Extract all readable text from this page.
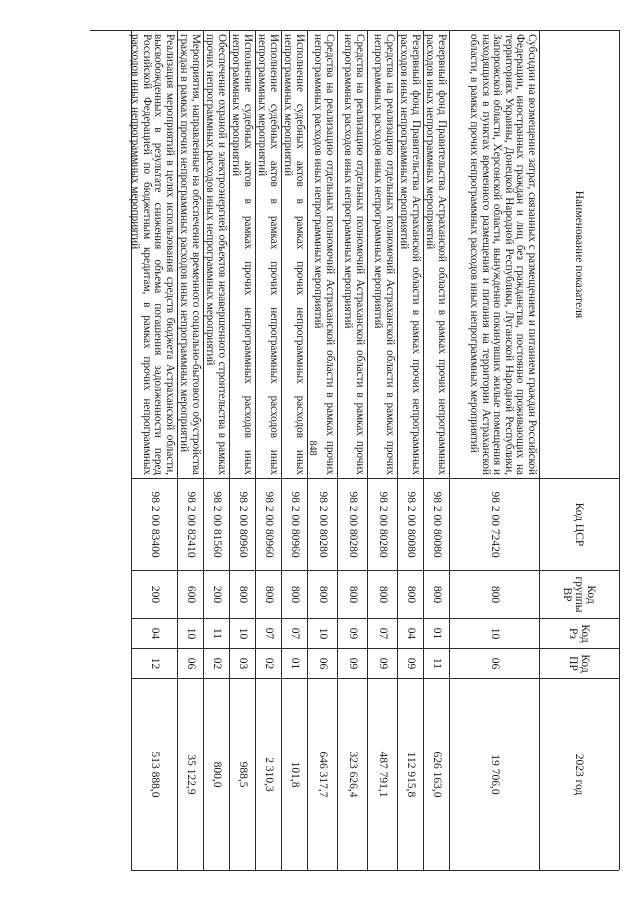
848
Наименование показателя
Код ЦСР
Код группы ВР
Код Рз
Код ПР
2023 год
Субсидии на возмещение затрат, связанных с размещением и питанием граждан Российской Федерации, иностранных граждан и лиц без гражданства, постоянно проживающих на территориях Украины, Донецкой Народной Республики, Луганской Народной Республики, Запорожской области, Херсонской области, вынужденно покинувших жилые помещения и находящихся в пунктах временного размещения и питания на территории Астраханской области, в рамках прочих непрограммных расходов иных непрограммных мероприятий
98 2 00 72420
800
10
06
19 706,0
Резервный фонд Правительства Астраханской области в рамках прочих непрограммных расходов иных непрограммных мероприятий
98 2 00 80080
800
01
11
626 163,0
Резервный фонд Правительства Астраханской области в рамках прочих непрограммных расходов иных непрограммных мероприятий
98 2 00 80080
800
04
09
112 915,8
Средства на реализацию отдельных полномочий Астраханской области в рамках прочих непрограммных расходов иных непрограммных мероприятий
98 2 00 80280
800
07
09
487 791,1
Средства на реализацию отдельных полномочий Астраханской области в рамках прочих непрограммных расходов иных непрограммных мероприятий
98 2 00 80280
800
09
09
323 626,4
Средства на реализацию отдельных полномочий Астраханской области в рамках прочих непрограммных расходов иных непрограммных мероприятий
98 2 00 80280
800
10
06
646 317,7
Исполнение судебных актов в рамках прочих непрограммных расходов иных непрограммных мероприятий
98 2 00 80960
800
07
01
101,8
Исполнение судебных актов в рамках прочих непрограммных расходов иных непрограммных мероприятий
98 2 00 80960
800
07
02
2 310,3
Исполнение судебных актов в рамках прочих непрограммных расходов иных непрограммных мероприятий
98 2 00 80960
800
10
03
988,5
Обеспечение охраной и электроэнергией объектов незавершенного строительства в рамках прочих непрограммных расходов иных непрограммных мероприятий
98 2 00 81560
200
11
02
800,0
Мероприятия, направленные на обеспечение временного социально-бытового обустройства граждан в рамках прочих непрограммных расходов иных непрограммных мероприятий
98 2 00 82410
600
10
06
35 122,9
Реализация мероприятий в целях использования средств бюджета Астраханской области, высвобожденных в результате снижения объема погашения задолженности перед Российской Федерацией по бюджетным кредитам, в рамках прочих непрограммных расходов иных непрограммных мероприятий
98 2 00 83400
200
04
12
513 888,0
